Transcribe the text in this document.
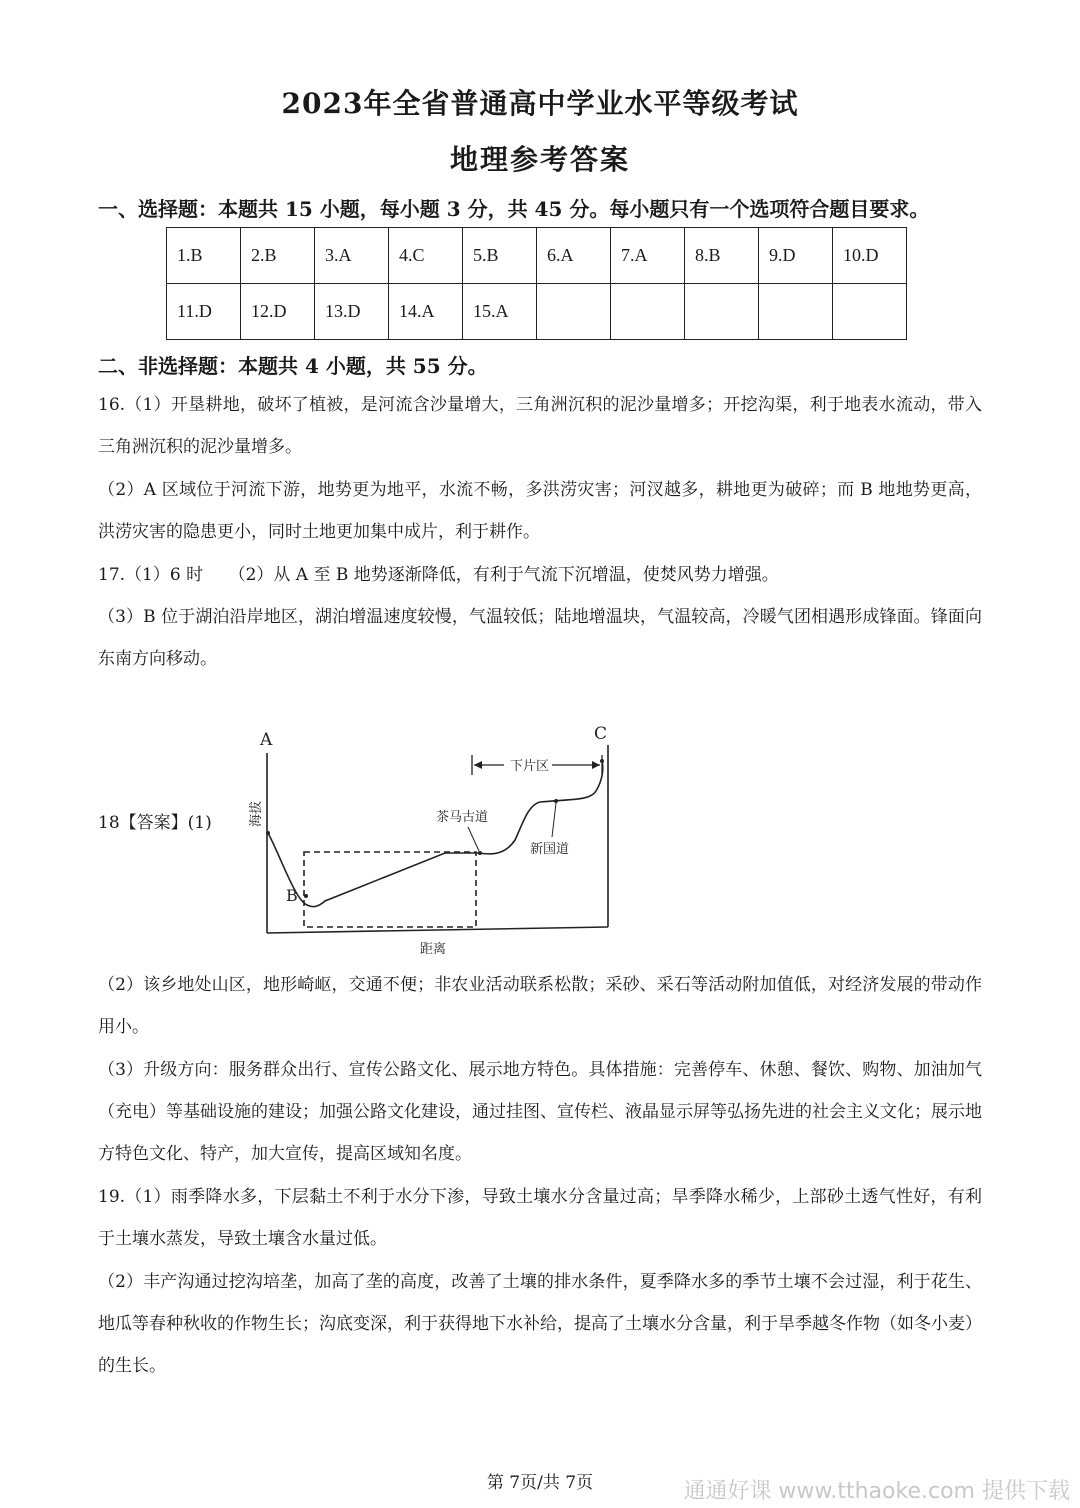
2023年全省普通高中学业水平等级考试
地理参考答案
一、选择题：本题共 15 小题，每小题 3 分，共 45 分。每小题只有一个选项符合题目要求。
1.B	2.B	3.A	4.C	5.B	6.A	7.A	8.B	9.D	10.D
11.D	12.D	13.D	14.A	15.A					
二、非选择题：本题共 4 小题，共 55 分。
16.（1）开垦耕地，破坏了植被，是河流含沙量增大，三角洲沉积的泥沙量增多；开挖沟渠，利于地表水流动，带入三角洲沉积的泥沙量增多。
（2）A 区域位于河流下游，地势更为地平，水流不畅，多洪涝灾害；河汊越多，耕地更为破碎；而 B 地地势更高，洪涝灾害的隐患更小，同时土地更加集中成片，利于耕作。
17.（1）6 时　　（2）从 A 至 B 地势逐渐降低，有利于气流下沉增温，使焚风势力增强。
（3）B 位于湖泊沿岸地区，湖泊增温速度较慢，气温较低；陆地增温块，气温较高，冷暖气团相遇形成锋面。锋面向东南方向移动。
18【答案】(1)
A
B
C
下片区
茶马古道
新国道
距离
海拔
（2）该乡地处山区，地形崎岖，交通不便；非农业活动联系松散；采砂、采石等活动附加值低，对经济发展的带动作用小。
（3）升级方向：服务群众出行、宣传公路文化、展示地方特色。具体措施：完善停车、休憩、餐饮、购物、加油加气（充电）等基础设施的建设；加强公路文化建设，通过挂图、宣传栏、液晶显示屏等弘扬先进的社会主义文化；展示地方特色文化、特产，加大宣传，提高区域知名度。
19.（1）雨季降水多，下层黏土不利于水分下渗，导致土壤水分含量过高；旱季降水稀少，上部砂土透气性好，有利于土壤水蒸发，导致土壤含水量过低。
（2）丰产沟通过挖沟培垄，加高了垄的高度，改善了土壤的排水条件，夏季降水多的季节土壤不会过湿，利于花生、地瓜等春种秋收的作物生长；沟底变深，利于获得地下水补给，提高了土壤水分含量，利于旱季越冬作物（如冬小麦）的生长。
第 7页/共 7页	通通好课 www.tthaoke.com 提供下载
